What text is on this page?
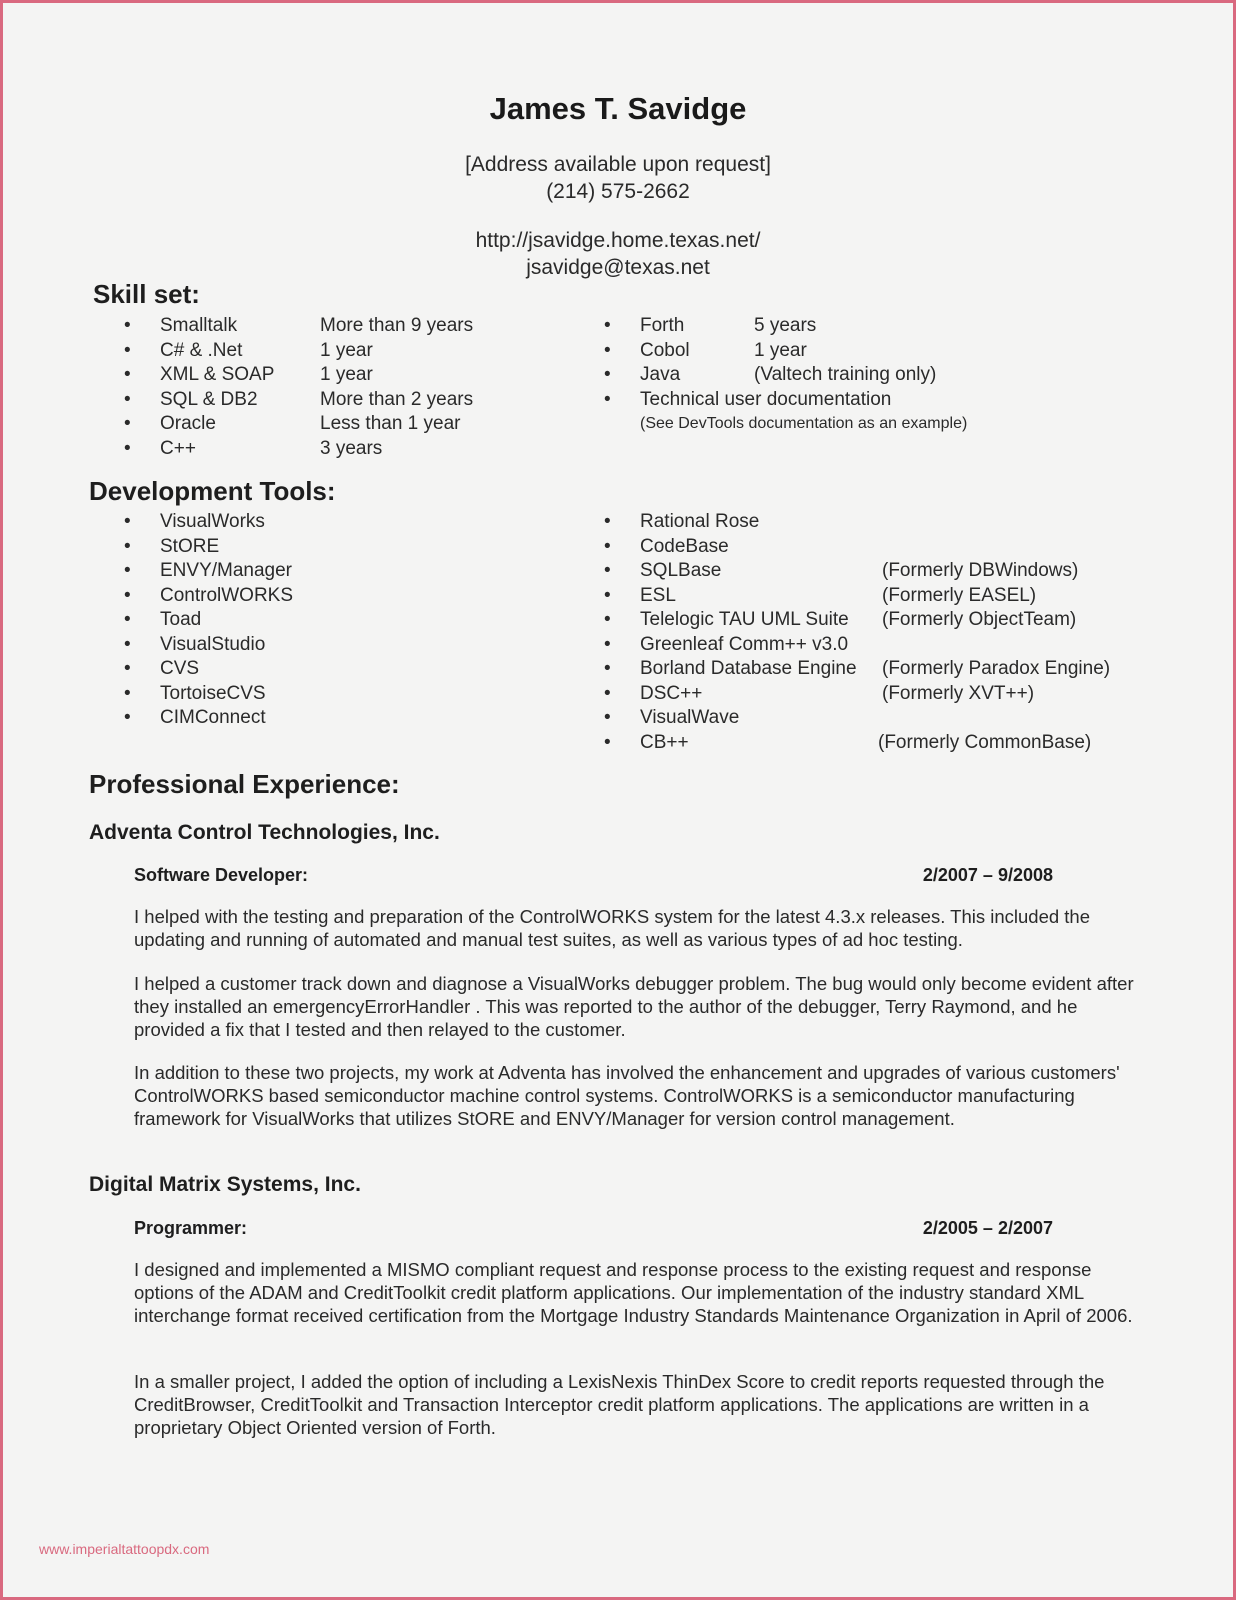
James T. Savidge
[Address available upon request]
(214) 575-2662
http://jsavidge.home.texas.net/
jsavidge@texas.net
Skill set:
• Smalltalk	More than 9 years
• C# & .Net	1 year
• XML & SOAP 1 year
• SQL & DB2	More than 2 years
• Oracle	Less than 1 year
• C++	3 years
• Forth	5 years
• Cobol	1 year
• Java	(Valtech training only)
• Technical user documentation
(See DevTools documentation as an example)
Development Tools:
• VisualWorks
• StORE
• ENVY/Manager
• ControlWORKS
• Toad
• VisualStudio
• CVS
• TortoiseCVS
• CIMConnect
• Rational Rose
• CodeBase
• SQLBase	(Formerly DBWindows)
• ESL	(Formerly EASEL)
• Telelogic TAU UML Suite (Formerly ObjectTeam)
• Greenleaf Comm++ v3.0
• Borland Database Engine (Formerly Paradox Engine)
• DSC++	(Formerly XVT++)
• VisualWave
• CB++	(Formerly CommonBase)
Professional Experience:
Adventa Control Technologies, Inc.
Software Developer:	2/2007 – 9/2008
I helped with the testing and preparation of the ControlWORKS system for the latest 4.3.x releases. This included the updating and running of automated and manual test suites, as well as various types of ad hoc testing.
I helped a customer track down and diagnose a VisualWorks debugger problem. The bug would only become evident after they installed an emergencyErrorHandler . This was reported to the author of the debugger, Terry Raymond, and he provided a fix that I tested and then relayed to the customer.
In addition to these two projects, my work at Adventa has involved the enhancement and upgrades of various customers' ControlWORKS based semiconductor machine control systems. ControlWORKS is a semiconductor manufacturing framework for VisualWorks that utilizes StORE and ENVY/Manager for version control management.
Digital Matrix Systems, Inc.
Programmer:	2/2005 – 2/2007
I designed and implemented a MISMO compliant request and response process to the existing request and response options of the ADAM and CreditToolkit credit platform applications. Our implementation of the industry standard XML interchange format received certification from the Mortgage Industry Standards Maintenance Organization in April of 2006.
In a smaller project, I added the option of including a LexisNexis ThinDex Score to credit reports requested through the CreditBrowser, CreditToolkit and Transaction Interceptor credit platform applications. The applications are written in a proprietary Object Oriented version of Forth.
www.imperialtattoopdx.com
